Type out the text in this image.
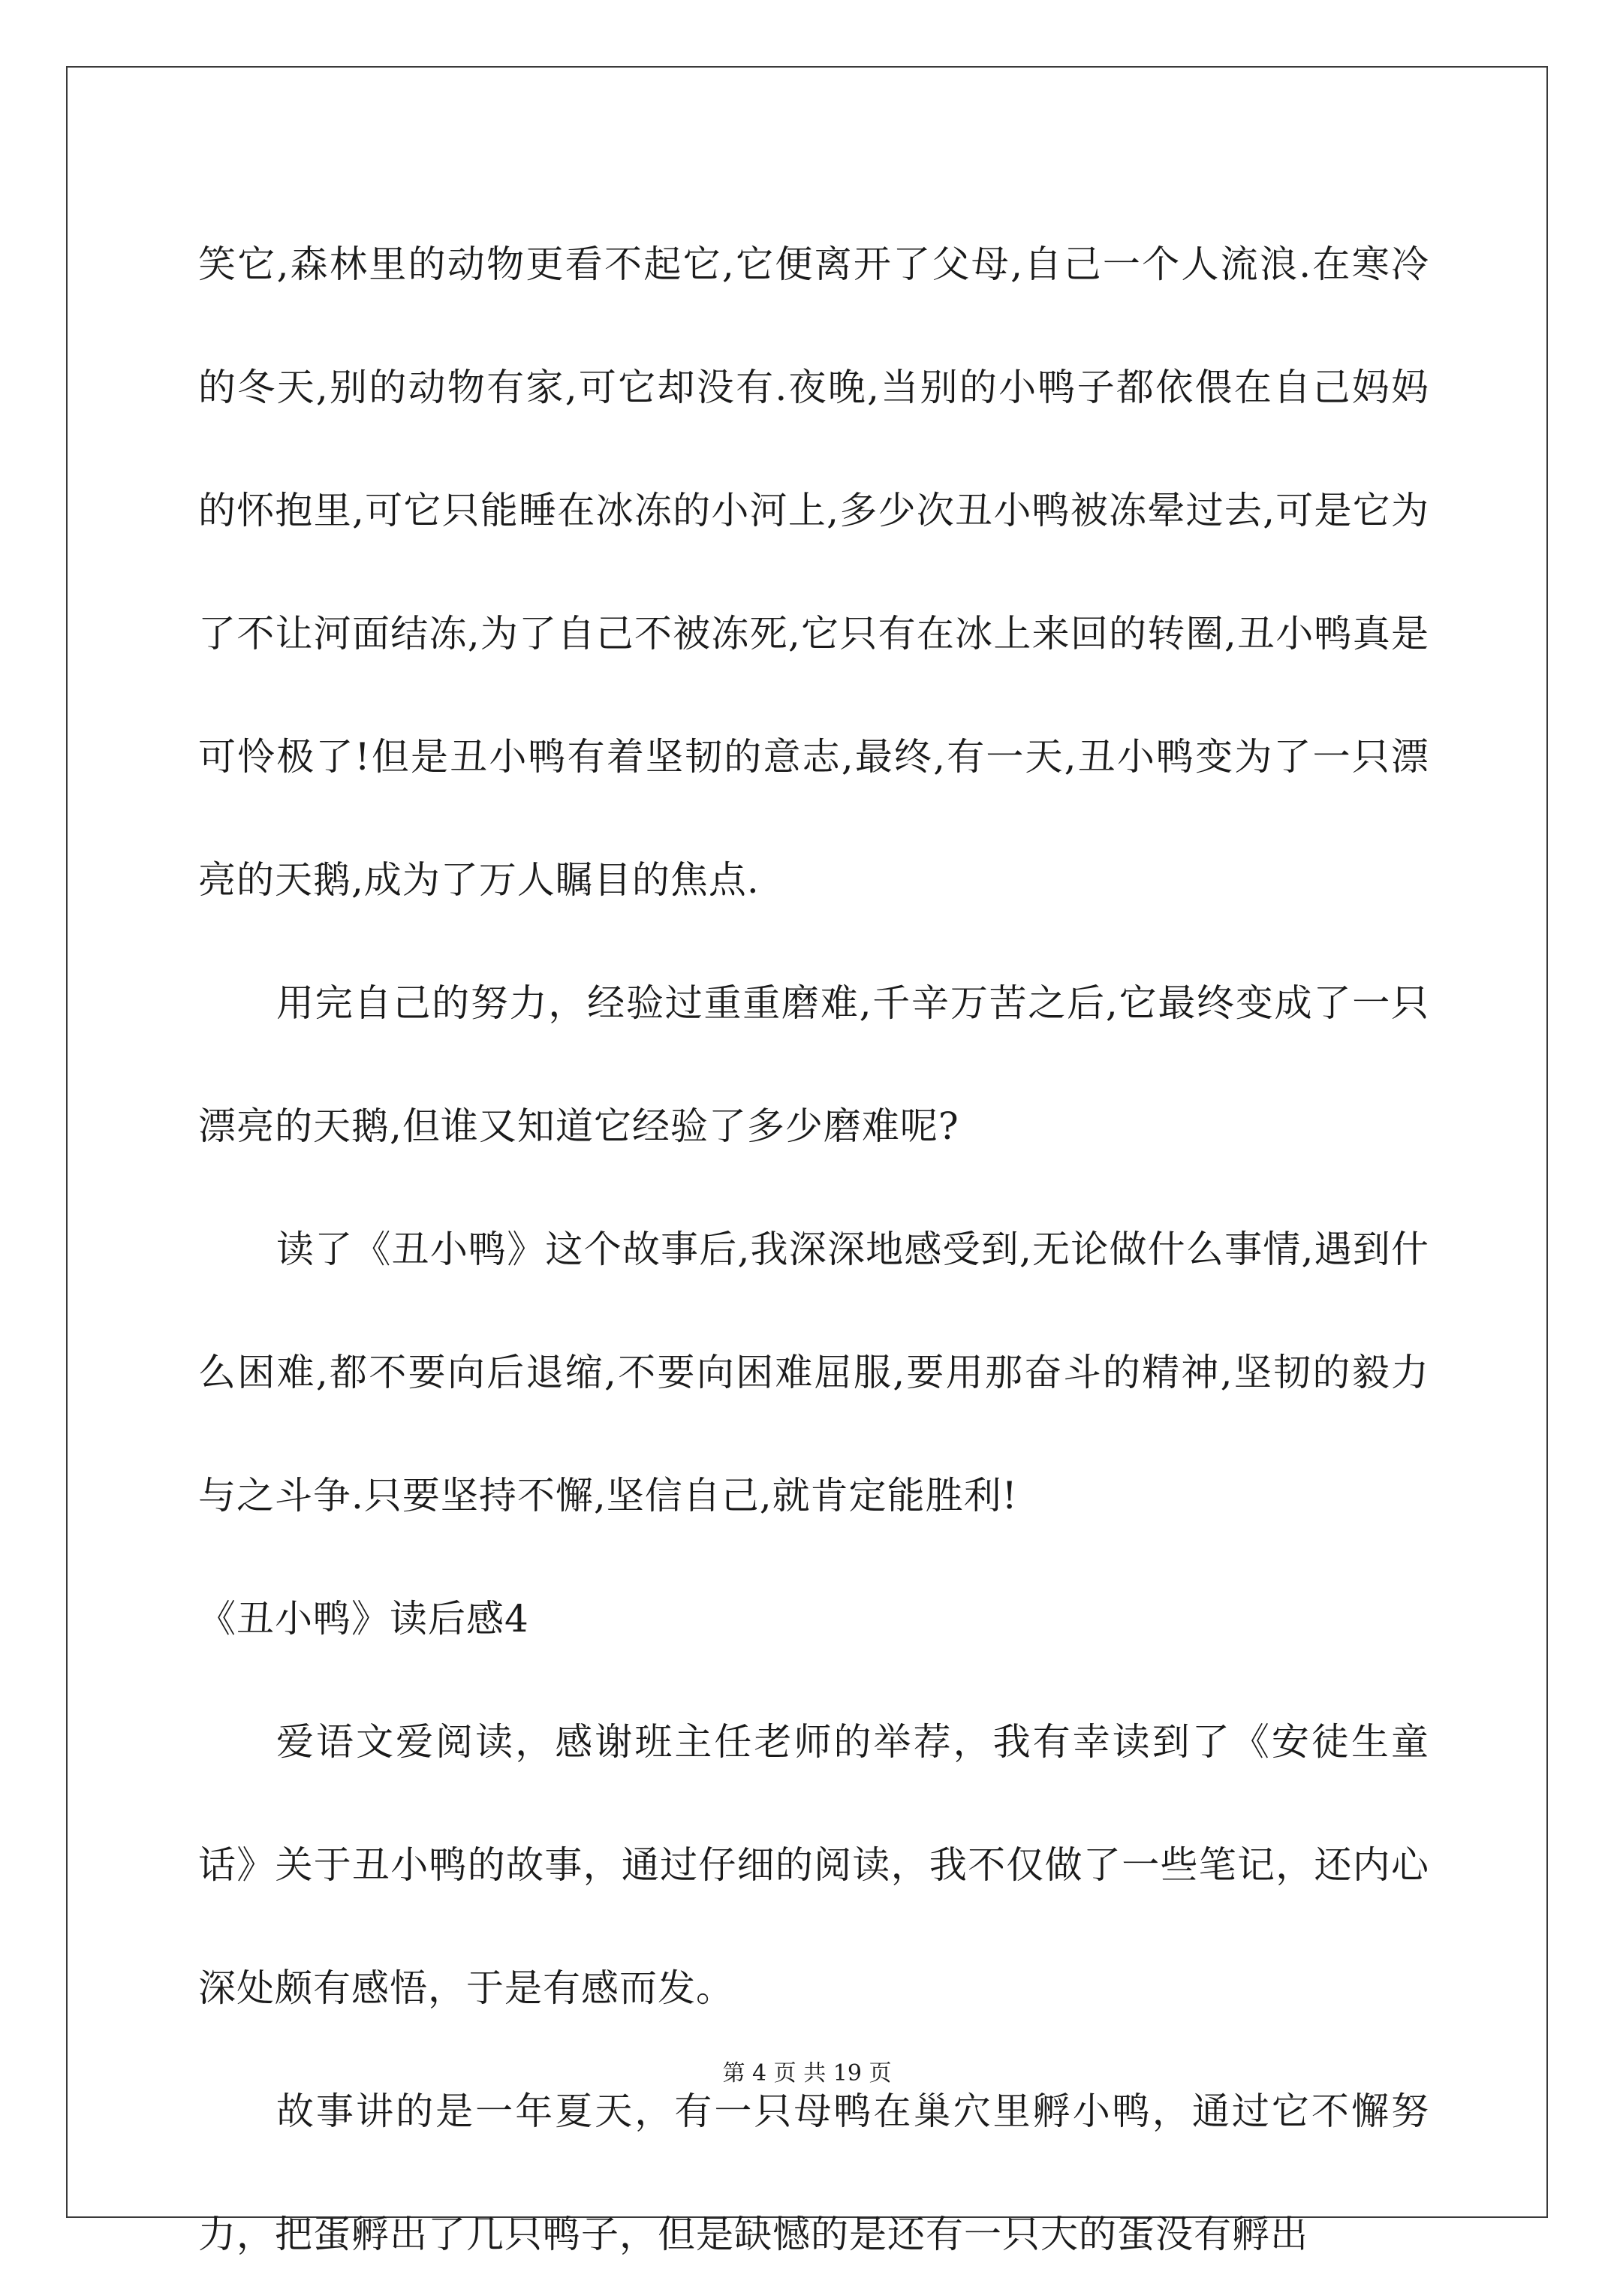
笑它,森林里的动物更看不起它,它便离开了父母,自己一个人流浪.在寒冷的冬天,别的动物有家,可它却没有.夜晚,当别的小鸭子都依偎在自己妈妈的怀抱里,可它只能睡在冰冻的小河上,多少次丑小鸭被冻晕过去,可是它为了不让河面结冻,为了自己不被冻死,它只有在冰上来回的转圈,丑小鸭真是可怜极了!但是丑小鸭有着坚韧的意志,最终,有一天,丑小鸭变为了一只漂亮的天鹅,成为了万人瞩目的焦点.

用完自己的努力，经验过重重磨难,千辛万苦之后,它最终变成了一只漂亮的天鹅,但谁又知道它经验了多少磨难呢?

读了《丑小鸭》这个故事后,我深深地感受到,无论做什么事情,遇到什么困难,都不要向后退缩,不要向困难屈服,要用那奋斗的精神,坚韧的毅力与之斗争.只要坚持不懈,坚信自己,就肯定能胜利!

《丑小鸭》读后感4

爱语文爱阅读，感谢班主任老师的举荐，我有幸读到了《安徒生童话》关于丑小鸭的故事，通过仔细的阅读，我不仅做了一些笔记，还内心深处颇有感悟，于是有感而发。

故事讲的是一年夏天，有一只母鸭在巢穴里孵小鸭，通过它不懈努力，把蛋孵出了几只鸭子，但是缺憾的是还有一只大的蛋没有孵出

第 4 页 共 19 页
